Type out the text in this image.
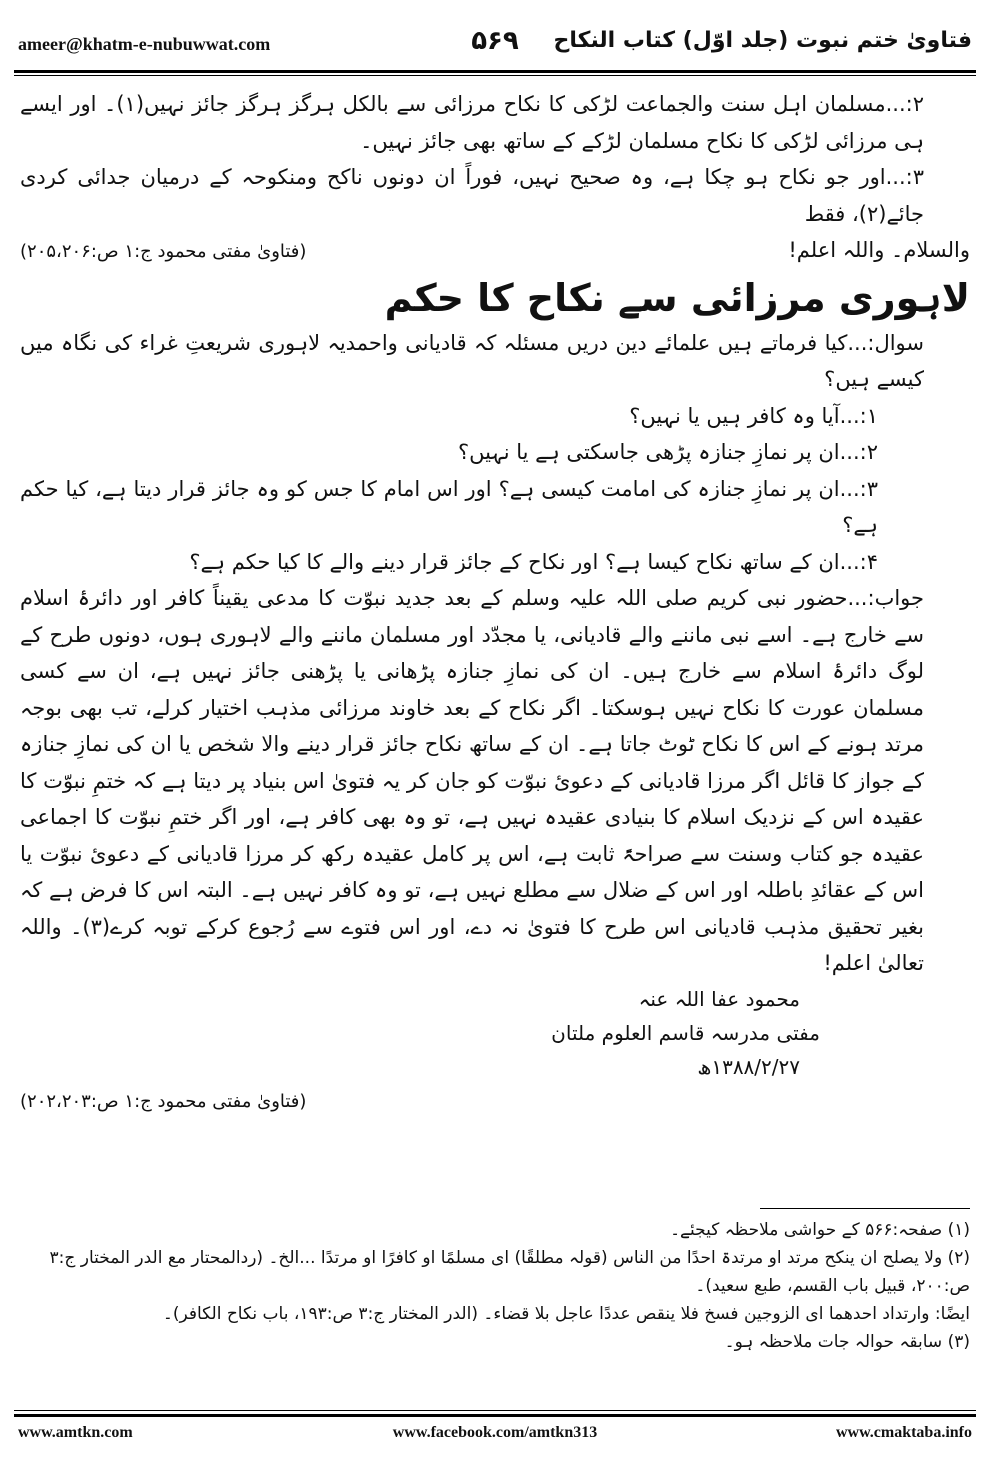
ameer@khatm-e-nubuwwat.com	۵۶۹	فتاویٰ ختم نبوت (جلد اوّل) کتاب النکاح

۲:...مسلمان اہل سنت والجماعت لڑکی کا نکاح مرزائی سے بالکل ہرگز ہرگز جائز نہیں(۱)۔ اور ایسے ہی مرزائی لڑکی کا نکاح مسلمان لڑکے کے ساتھ بھی جائز نہیں۔

۳:...اور جو نکاح ہو چکا ہے، وہ صحیح نہیں، فوراً ان دونوں ناکح ومنکوحہ کے درمیان جدائی کردی جائے(۲)، فقط

والسلام۔ واللہ اعلم!
(فتاویٰ مفتی محمود ج:۱ ص:۲۰۵،۲۰۶)

لاہوری مرزائی سے نکاح کا حکم

سوال:...کیا فرماتے ہیں علمائے دین دریں مسئلہ کہ قادیانی واحمدیہ لاہوری شریعتِ غراء کی نگاہ میں کیسے ہیں؟

۱:...آیا وہ کافر ہیں یا نہیں؟

۲:...ان پر نمازِ جنازہ پڑھی جاسکتی ہے یا نہیں؟

۳:...ان پر نمازِ جنازہ کی امامت کیسی ہے؟ اور اس امام کا جس کو وہ جائز قرار دیتا ہے، کیا حکم ہے؟

۴:...ان کے ساتھ نکاح کیسا ہے؟ اور نکاح کے جائز قرار دینے والے کا کیا حکم ہے؟

جواب:...حضور نبی کریم صلی اللہ علیہ وسلم کے بعد جدید نبوّت کا مدعی یقیناً کافر اور دائرۂ اسلام سے خارج ہے۔ اسے نبی ماننے والے قادیانی، یا مجدّد اور مسلمان ماننے والے لاہوری ہوں، دونوں طرح کے لوگ دائرۂ اسلام سے خارج ہیں۔ ان کی نمازِ جنازہ پڑھانی یا پڑھنی جائز نہیں ہے، ان سے کسی مسلمان عورت کا نکاح نہیں ہوسکتا۔ اگر نکاح کے بعد خاوند مرزائی مذہب اختیار کرلے، تب بھی بوجہ مرتد ہونے کے اس کا نکاح ٹوٹ جاتا ہے۔ ان کے ساتھ نکاح جائز قرار دینے والا شخص یا ان کی نمازِ جنازہ کے جواز کا قائل اگر مرزا قادیانی کے دعویٔ نبوّت کو جان کر یہ فتویٰ اس بنیاد پر دیتا ہے کہ ختمِ نبوّت کا عقیدہ اس کے نزدیک اسلام کا بنیادی عقیدہ نہیں ہے، تو وہ بھی کافر ہے، اور اگر ختمِ نبوّت کا اجماعی عقیدہ جو کتاب وسنت سے صراحۃً ثابت ہے، اس پر کامل عقیدہ رکھ کر مرزا قادیانی کے دعویٔ نبوّت یا اس کے عقائدِ باطلہ اور اس کے ضلال سے مطلع نہیں ہے، تو وہ کافر نہیں ہے۔ البتہ اس کا فرض ہے کہ بغیر تحقیق مذہب قادیانی اس طرح کا فتویٰ نہ دے، اور اس فتوے سے رُجوع کرکے توبہ کرے(۳)۔ واللہ تعالیٰ اعلم!

محمود عفا اللہ عنہ

مفتی مدرسہ قاسم العلوم ملتان

۱۳۸۸/۲/۲۷ھ

(فتاویٰ مفتی محمود ج:۱ ص:۲۰۲،۲۰۳)

(۱) صفحہ:۵۶۶ کے حواشی ملاحظہ کیجئے۔

(۲) ولا یصلح ان ینکح مرتد او مرتدۃ احدًا من الناس (قولہ مطلقًا) ای مسلمًا او کافرًا او مرتدًا ...الخ۔ (ردالمحتار مع الدر المختار ج:۳ ص:۲۰۰، قبیل باب القسم، طبع سعید)۔

ایضًا: وارتداد احدھما ای الزوجین فسخ فلا ینقص عددًا عاجل بلا قضاء۔ (الدر المختار ج:۳ ص:۱۹۳، باب نکاح الکافر)۔

(۳) سابقہ حوالہ جات ملاحظہ ہو۔

www.amtkn.com	www.facebook.com/amtkn313	www.cmaktaba.info
